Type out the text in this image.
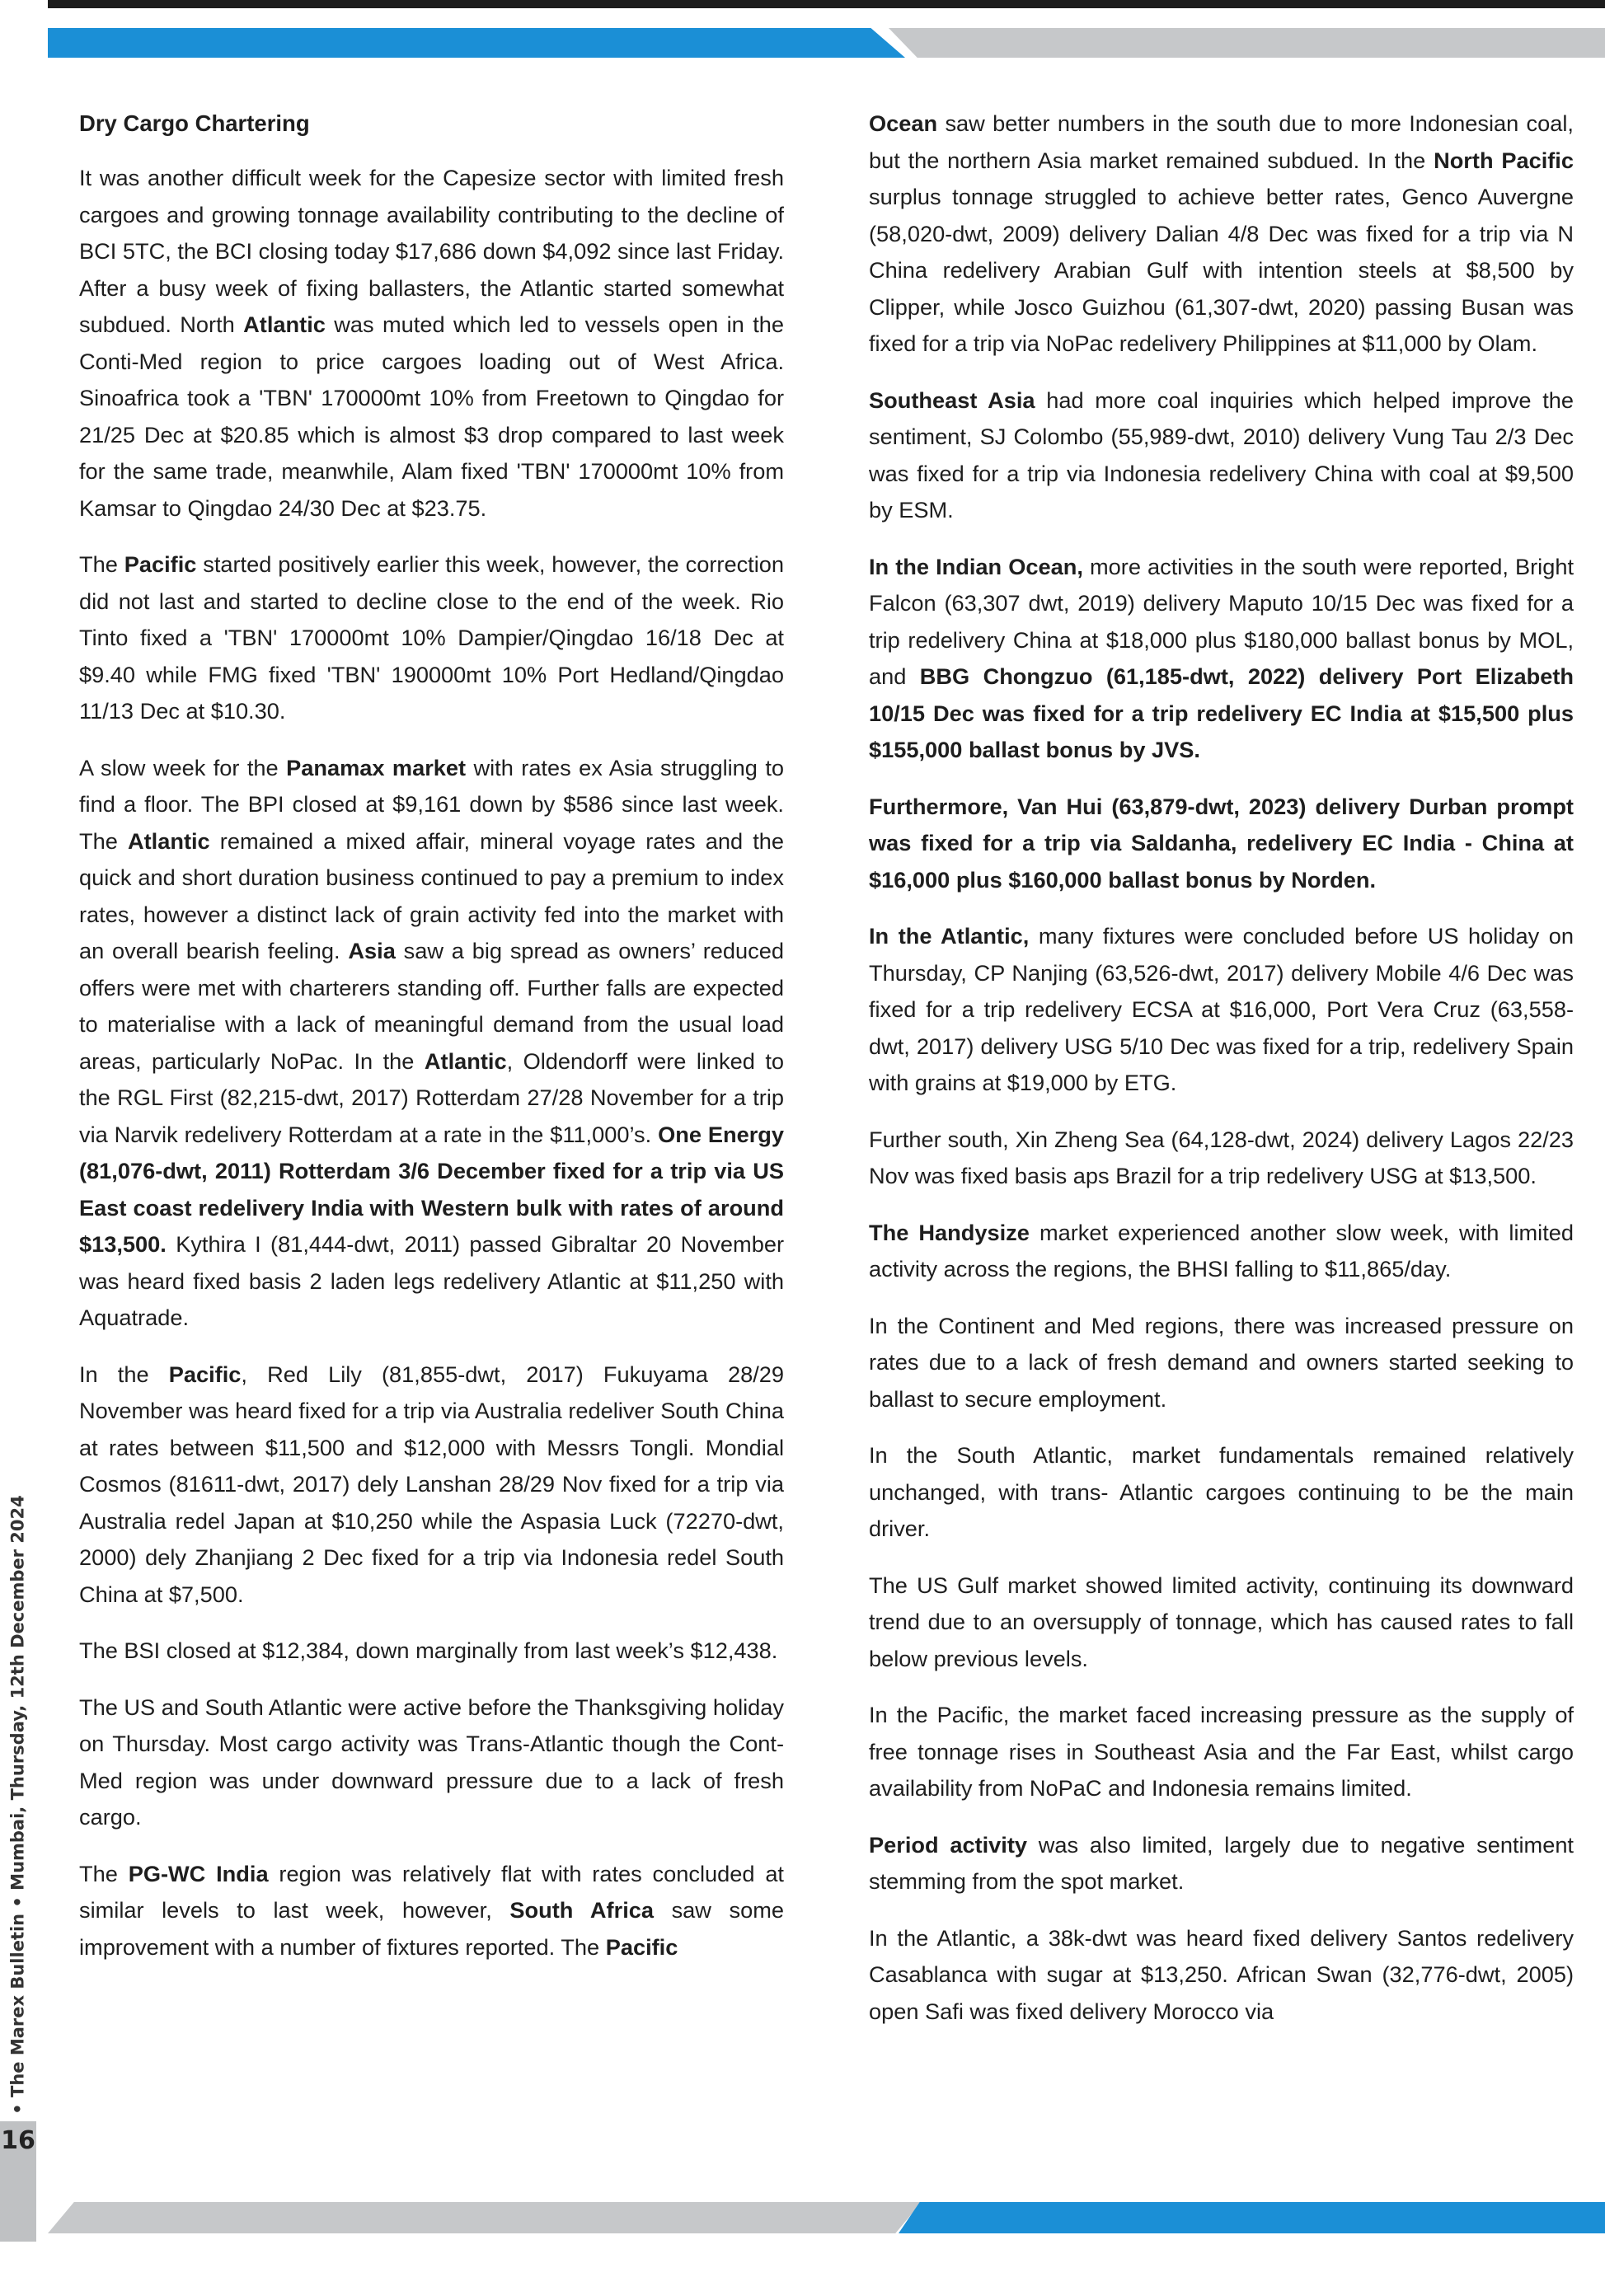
• The Marex Bulletin • Mumbai, Thursday, 12th December 2024
16
Dry Cargo Chartering

It was another difficult week for the Capesize sector with limited fresh cargoes and growing tonnage availability contributing to the decline of BCI 5TC, the BCI closing today $17,686 down $4,092 since last Friday. After a busy week of fixing ballasters, the Atlantic started somewhat subdued. North Atlantic was muted which led to vessels open in the Conti-Med region to price cargoes loading out of West Africa. Sinoafrica took a 'TBN' 170000mt 10% from Freetown to Qingdao for 21/25 Dec at $20.85 which is almost $3 drop compared to last week for the same trade, meanwhile, Alam fixed 'TBN' 170000mt 10% from Kamsar to Qingdao 24/30 Dec at $23.75.

The Pacific started positively earlier this week, however, the correction did not last and started to decline close to the end of the week. Rio Tinto fixed a 'TBN' 170000mt 10% Dampier/Qingdao 16/18 Dec at $9.40 while FMG fixed 'TBN' 190000mt 10% Port Hedland/Qingdao 11/13 Dec at $10.30.

A slow week for the Panamax market with rates ex Asia struggling to find a floor. The BPI closed at $9,161 down by $586 since last week. The Atlantic remained a mixed affair, mineral voyage rates and the quick and short duration business continued to pay a premium to index rates, however a distinct lack of grain activity fed into the market with an overall bearish feeling. Asia saw a big spread as owners’ reduced offers were met with charterers standing off. Further falls are expected to materialise with a lack of meaningful demand from the usual load areas, particularly NoPac. In the Atlantic, Oldendorff were linked to the RGL First (82,215-dwt, 2017) Rotterdam 27/28 November for a trip via Narvik redelivery Rotterdam at a rate in the $11,000’s. One Energy (81,076-dwt, 2011) Rotterdam 3/6 December fixed for a trip via US East coast redelivery India with Western bulk with rates of around $13,500. Kythira I (81,444-dwt, 2011) passed Gibraltar 20 November was heard fixed basis 2 laden legs redelivery Atlantic at $11,250 with Aquatrade.

In the Pacific, Red Lily (81,855-dwt, 2017) Fukuyama 28/29 November was heard fixed for a trip via Australia redeliver South China at rates between $11,500 and $12,000 with Messrs Tongli. Mondial Cosmos (81611-dwt, 2017) dely Lanshan 28/29 Nov fixed for a trip via Australia redel Japan at $10,250 while the Aspasia Luck (72270-dwt, 2000) dely Zhanjiang 2 Dec fixed for a trip via Indonesia redel South China at $7,500.

The BSI closed at $12,384, down marginally from last week’s $12,438.

The US and South Atlantic were active before the Thanksgiving holiday on Thursday. Most cargo activity was Trans-Atlantic though the Cont-Med region was under downward pressure due to a lack of fresh cargo.

The PG-WC India region was relatively flat with rates concluded at similar levels to last week, however, South Africa saw some improvement with a number of fixtures reported. The Pacific

Ocean saw better numbers in the south due to more Indonesian coal, but the northern Asia market remained subdued. In the North Pacific surplus tonnage struggled to achieve better rates, Genco Auvergne (58,020-dwt, 2009) delivery Dalian 4/8 Dec was fixed for a trip via N China redelivery Arabian Gulf with intention steels at $8,500 by Clipper, while Josco Guizhou (61,307-dwt, 2020) passing Busan was fixed for a trip via NoPac redelivery Philippines at $11,000 by Olam.

Southeast Asia had more coal inquiries which helped improve the sentiment, SJ Colombo (55,989-dwt, 2010) delivery Vung Tau 2/3 Dec was fixed for a trip via Indonesia redelivery China with coal at $9,500 by ESM.

In the Indian Ocean, more activities in the south were reported, Bright Falcon (63,307 dwt, 2019) delivery Maputo 10/15 Dec was fixed for a trip redelivery China at $18,000 plus $180,000 ballast bonus by MOL, and BBG Chongzuo (61,185-dwt, 2022) delivery Port Elizabeth 10/15 Dec was fixed for a trip redelivery EC India at $15,500 plus $155,000 ballast bonus by JVS.

Furthermore, Van Hui (63,879-dwt, 2023) delivery Durban prompt was fixed for a trip via Saldanha, redelivery EC India - China at $16,000 plus $160,000 ballast bonus by Norden.

In the Atlantic, many fixtures were concluded before US holiday on Thursday, CP Nanjing (63,526-dwt, 2017) delivery Mobile 4/6 Dec was fixed for a trip redelivery ECSA at $16,000, Port Vera Cruz (63,558-dwt, 2017) delivery USG 5/10 Dec was fixed for a trip, redelivery Spain with grains at $19,000 by ETG.

Further south, Xin Zheng Sea (64,128-dwt, 2024) delivery Lagos 22/23 Nov was fixed basis aps Brazil for a trip redelivery USG at $13,500.

The Handysize market experienced another slow week, with limited activity across the regions, the BHSI falling to $11,865/day.

In the Continent and Med regions, there was increased pressure on rates due to a lack of fresh demand and owners started seeking to ballast to secure employment.

In the South Atlantic, market fundamentals remained relatively unchanged, with trans- Atlantic cargoes continuing to be the main driver.

The US Gulf market showed limited activity, continuing its downward trend due to an oversupply of tonnage, which has caused rates to fall below previous levels.

In the Pacific, the market faced increasing pressure as the supply of free tonnage rises in Southeast Asia and the Far East, whilst cargo availability from NoPaC and Indonesia remains limited.

Period activity was also limited, largely due to negative sentiment stemming from the spot market.

In the Atlantic, a 38k-dwt was heard fixed delivery Santos redelivery Casablanca with sugar at $13,250. African Swan (32,776-dwt, 2005) open Safi was fixed delivery Morocco via
